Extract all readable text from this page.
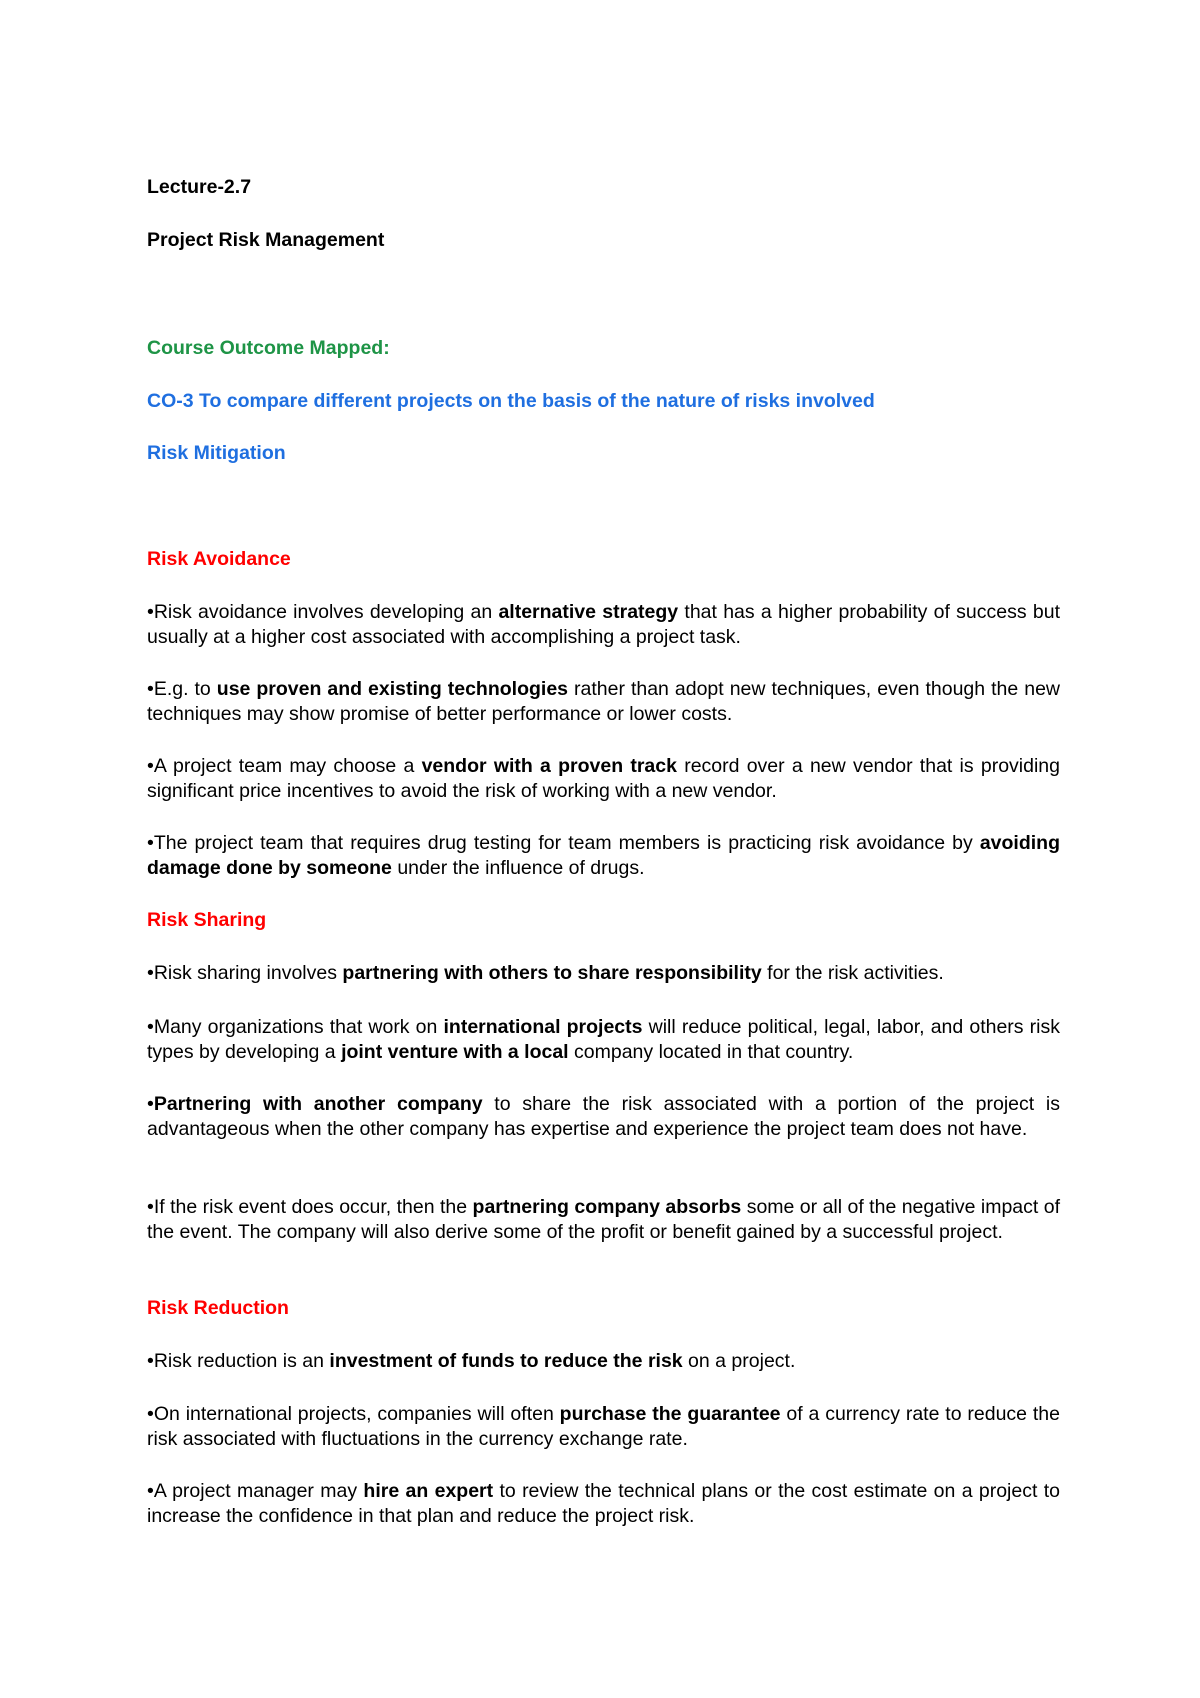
Lecture-2.7
Project Risk Management
Course Outcome Mapped:
CO-3 To compare different projects on the basis of the nature of risks involved
Risk Mitigation
Risk Avoidance
•Risk avoidance involves developing an alternative strategy that has a higher probability of success but usually at a higher cost associated with accomplishing a project task.
•E.g. to use proven and existing technologies rather than adopt new techniques, even though the new techniques may show promise of better performance or lower costs.
•A project team may choose a vendor with a proven track record over a new vendor that is providing significant price incentives to avoid the risk of working with a new vendor.
•The project team that requires drug testing for team members is practicing risk avoidance by avoiding damage done by someone under the influence of drugs.
Risk Sharing
•Risk sharing involves partnering with others to share responsibility for the risk activities.
•Many organizations that work on international projects will reduce political, legal, labor, and others risk types by developing a joint venture with a local company located in that country.
•Partnering with another company to share the risk associated with a portion of the project is advantageous when the other company has expertise and experience the project team does not have.
•If the risk event does occur, then the partnering company absorbs some or all of the negative impact of the event. The company will also derive some of the profit or benefit gained by a successful project.
Risk Reduction
•Risk reduction is an investment of funds to reduce the risk on a project.
•On international projects, companies will often purchase the guarantee of a currency rate to reduce the risk associated with fluctuations in the currency exchange rate.
•A project manager may hire an expert to review the technical plans or the cost estimate on a project to increase the confidence in that plan and reduce the project risk.
